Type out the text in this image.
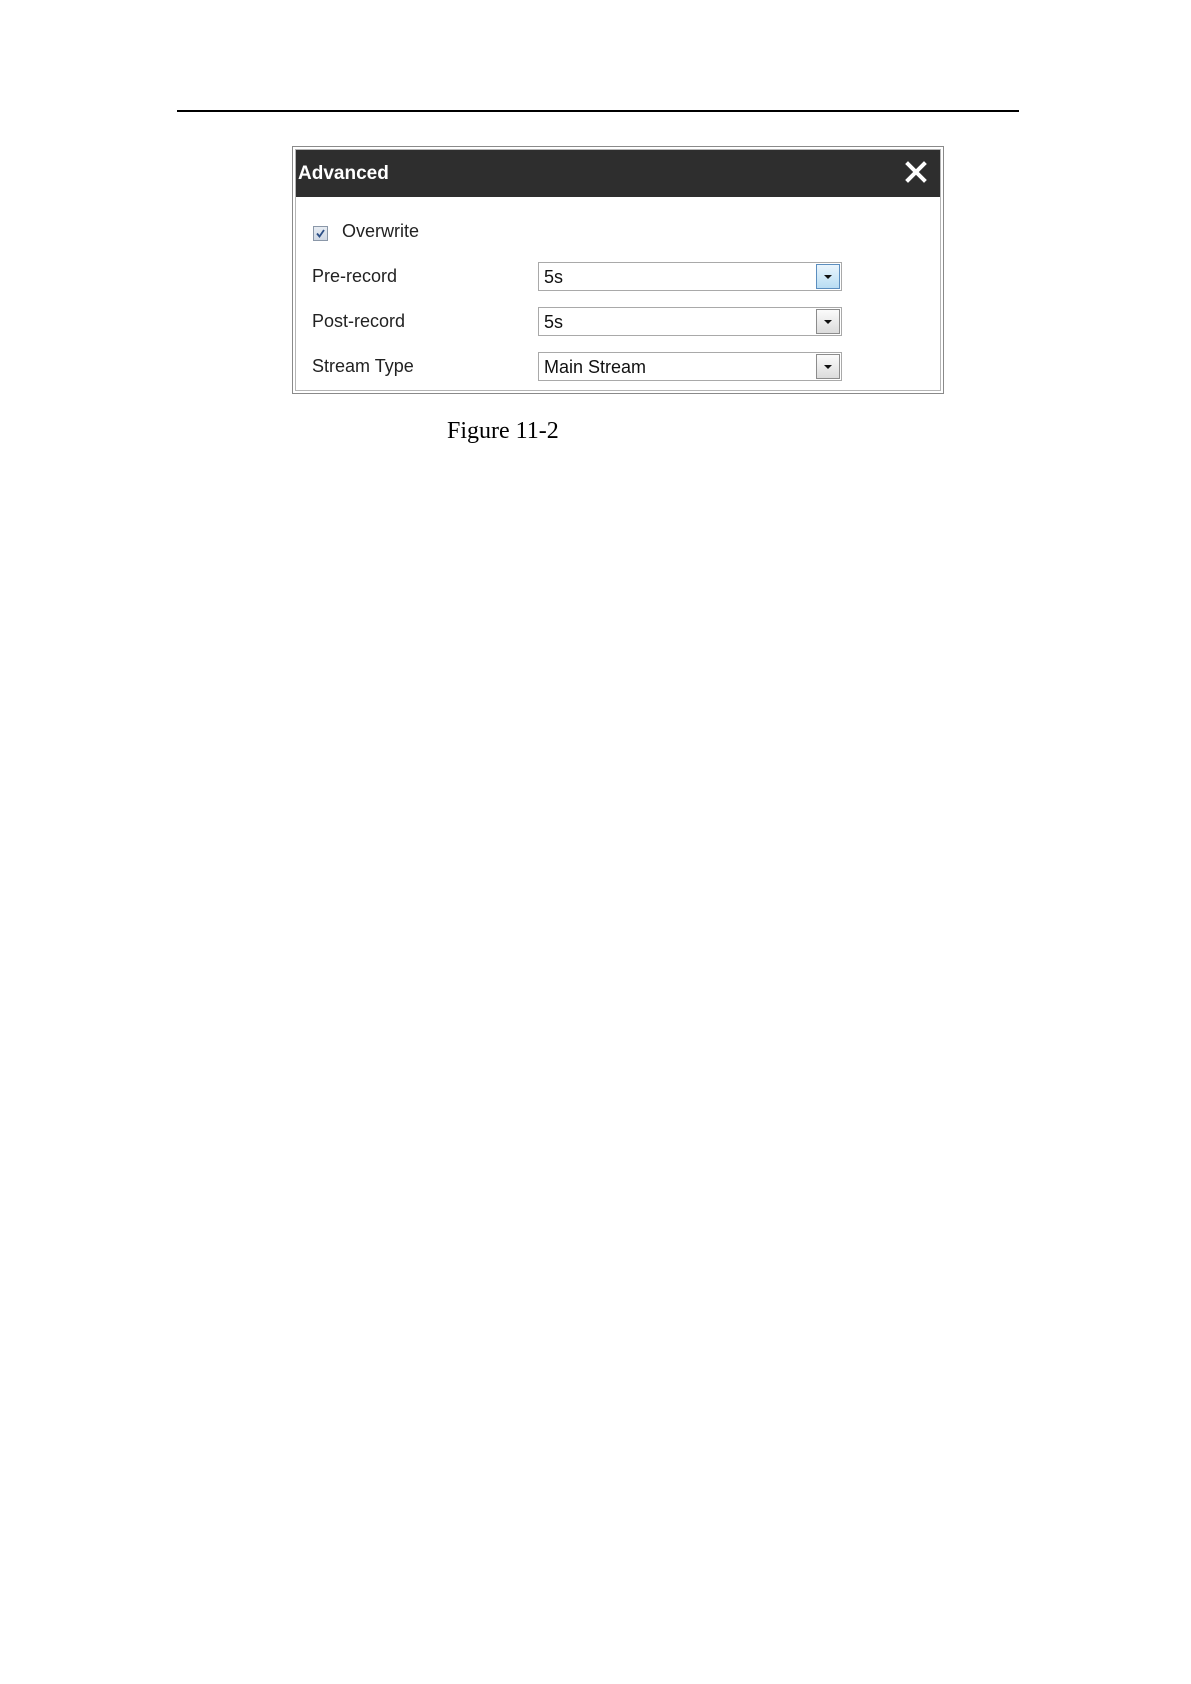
Advanced
Overwrite
Pre-record	5s
Post-record	5s
Stream Type	Main Stream
Figure 11-2
